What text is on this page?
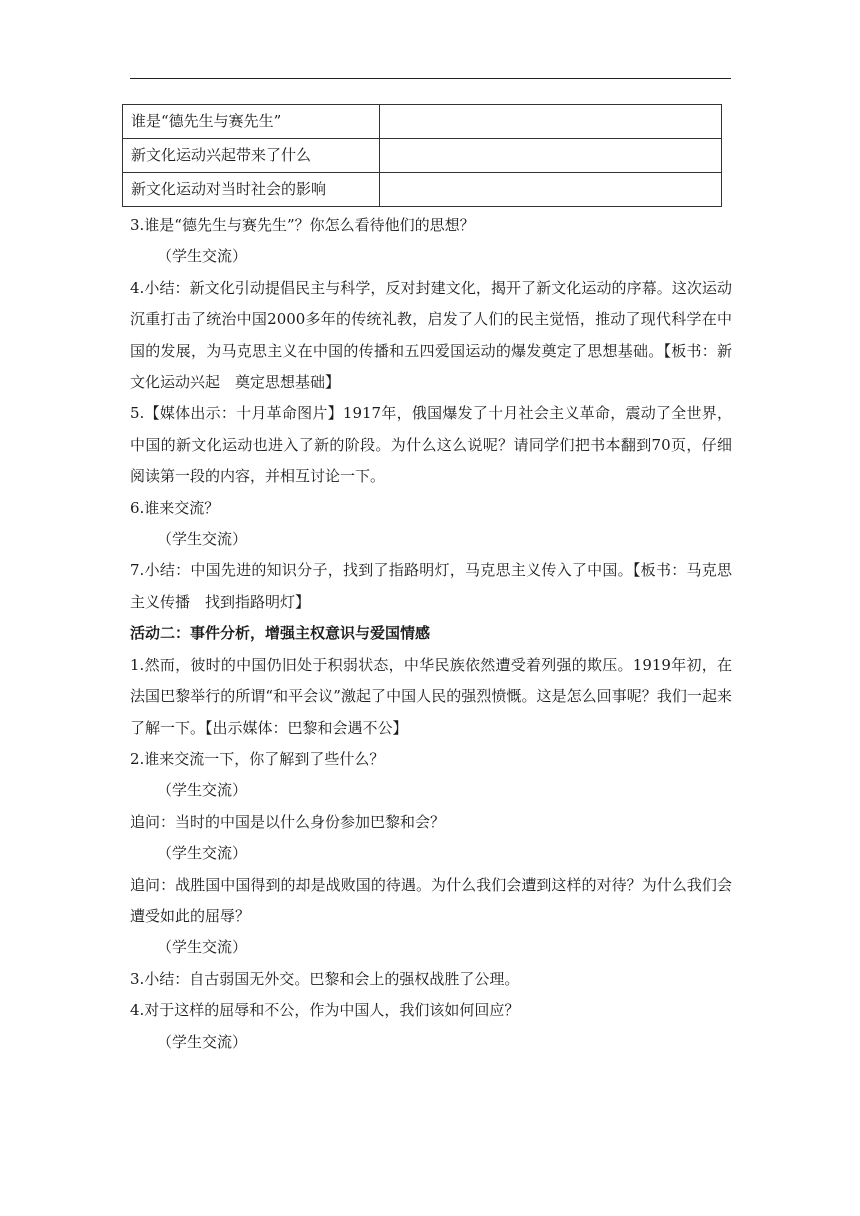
谁是“德先生与赛先生”	
新文化运动兴起带来了什么	
新文化运动对当时社会的影响	

3.谁是“德先生与赛先生”？你怎么看待他们的思想？

（学生交流）

4.小结：新文化引动提倡民主与科学，反对封建文化，揭开了新文化运动的序幕。这次运动沉重打击了统治中国2000多年的传统礼教，启发了人们的民主觉悟，推动了现代科学在中国的发展，为马克思主义在中国的传播和五四爱国运动的爆发奠定了思想基础。【板书：新文化运动兴起　奠定思想基础】

5.【媒体出示：十月革命图片】1917年，俄国爆发了十月社会主义革命，震动了全世界，中国的新文化运动也进入了新的阶段。为什么这么说呢？请同学们把书本翻到70页，仔细阅读第一段的内容，并相互讨论一下。

6.谁来交流？

（学生交流）

7.小结：中国先进的知识分子，找到了指路明灯，马克思主义传入了中国。【板书：马克思主义传播　找到指路明灯】

活动二：事件分析，增强主权意识与爱国情感

1.然而，彼时的中国仍旧处于积弱状态，中华民族依然遭受着列强的欺压。1919年初，在法国巴黎举行的所谓“和平会议”激起了中国人民的强烈愤慨。这是怎么回事呢？我们一起来了解一下。【出示媒体：巴黎和会遇不公】

2.谁来交流一下，你了解到了些什么？

（学生交流）

追问：当时的中国是以什么身份参加巴黎和会？

（学生交流）

追问：战胜国中国得到的却是战败国的待遇。为什么我们会遭到这样的对待？为什么我们会遭受如此的屈辱？

（学生交流）

3.小结：自古弱国无外交。巴黎和会上的强权战胜了公理。

4.对于这样的屈辱和不公，作为中国人，我们该如何回应？

（学生交流）
